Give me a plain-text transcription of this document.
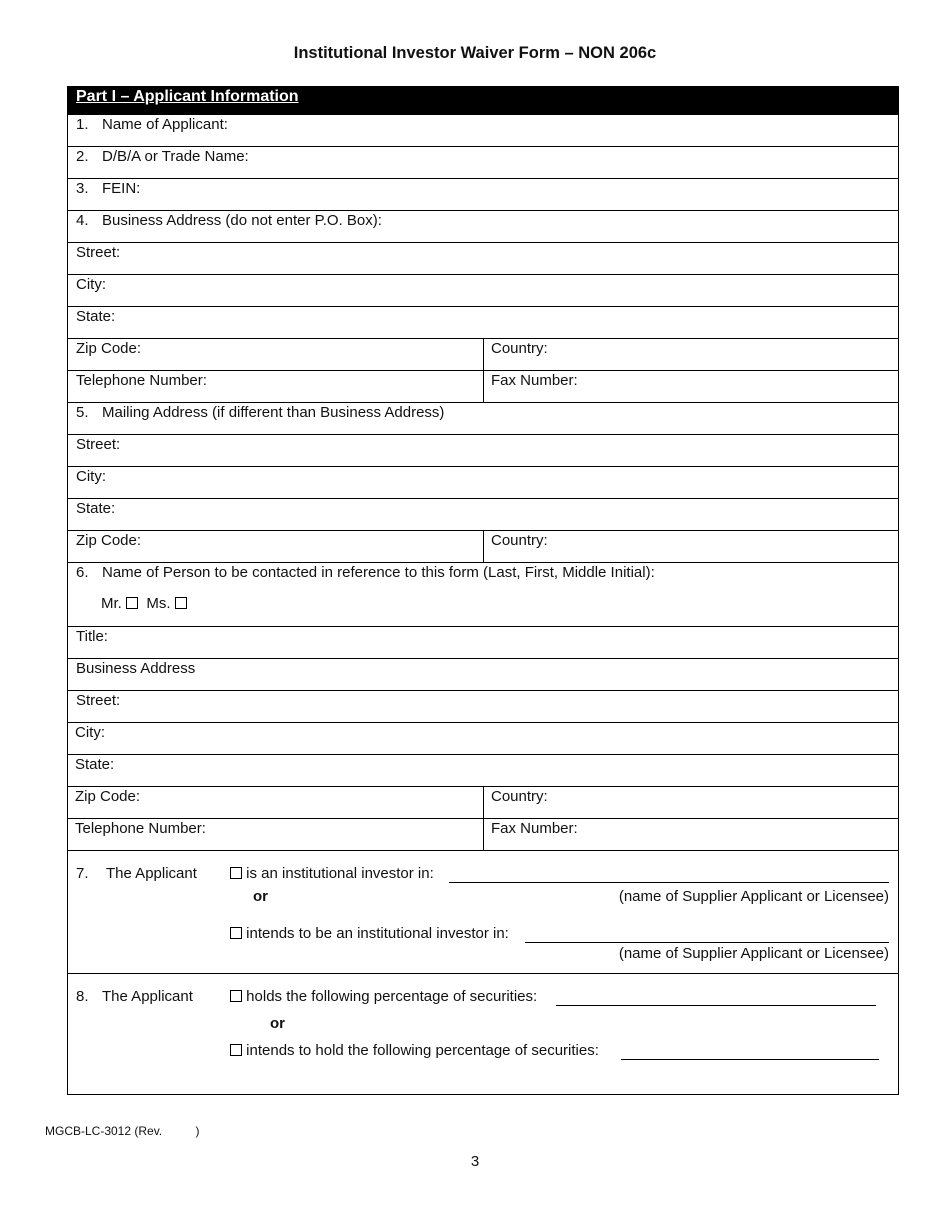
Institutional Investor Waiver Form – NON 206c
Part I – Applicant Information
1. Name of Applicant:
2. D/B/A or Trade Name:
3. FEIN:
4. Business Address (do not enter P.O. Box):
Street:
City:
State:
Zip Code:	Country:
Telephone Number:	Fax Number:
5. Mailing Address (if different than Business Address)
Street:
City:
State:
Zip Code:	Country:
6. Name of Person to be contacted in reference to this form (Last, First, Middle Initial):
Mr. Ms.
Title:
Business Address
Street:
City:
State:
Zip Code:	Country:
Telephone Number:	Fax Number:
7. The Applicant	is an institutional investor in:
or	(name of Supplier Applicant or Licensee)
intends to be an institutional investor in:
(name of Supplier Applicant or Licensee)
8. The Applicant	holds the following percentage of securities:
or
intends to hold the following percentage of securities:
MGCB-LC-3012 (Rev.          )
3
